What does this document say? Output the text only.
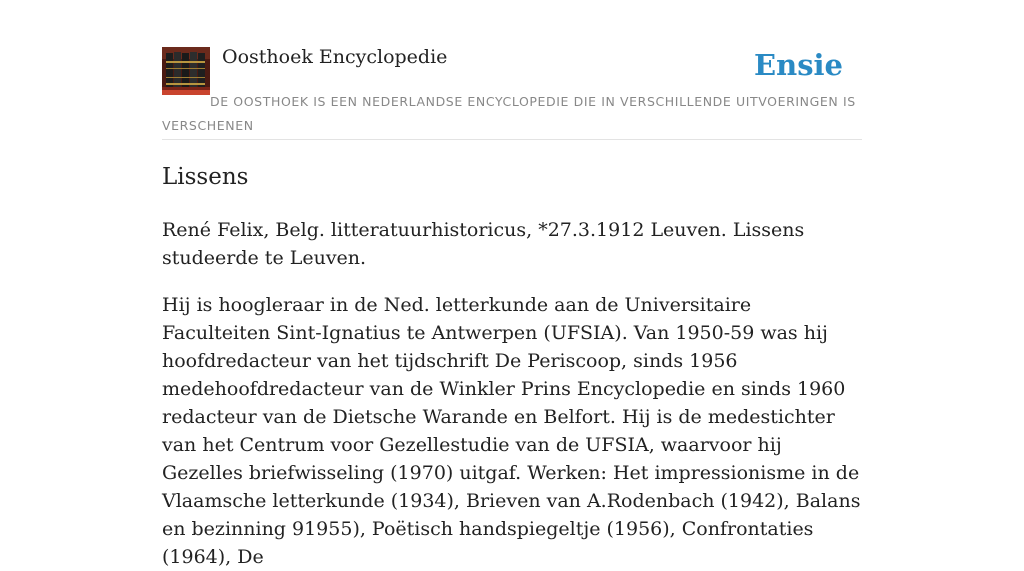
Oosthoek Encyclopedie	Ensie
DE OOSTHOEK IS EEN NEDERLANDSE ENCYCLOPEDIE DIE IN VERSCHILLENDE UITVOERINGEN IS VERSCHENEN
Lissens

René Felix, Belg. litteratuurhistoricus, *27.3.1912 Leuven. Lissens studeerde te Leuven.

Hij is hoogleraar in de Ned. letterkunde aan de Universitaire Faculteiten Sint-Ignatius te Antwerpen (UFSIA). Van 1950-59 was hij hoofdredacteur van het tijdschrift De Periscoop, sinds 1956 medehoofdredacteur van de Winkler Prins Encyclopedie en sinds 1960 redacteur van de Dietsche Warande en Belfort. Hij is de medestichter van het Centrum voor Gezellestudie van de UFSIA, waarvoor hij Gezelles briefwisseling (1970) uitgaf. Werken: Het impressionisme in de Vlaamsche letterkunde (1934), Brieven van A.Rodenbach (1942), Balans en bezinning 91955), Poëtisch handspiegeltje (1956), Confrontaties (1964), De
